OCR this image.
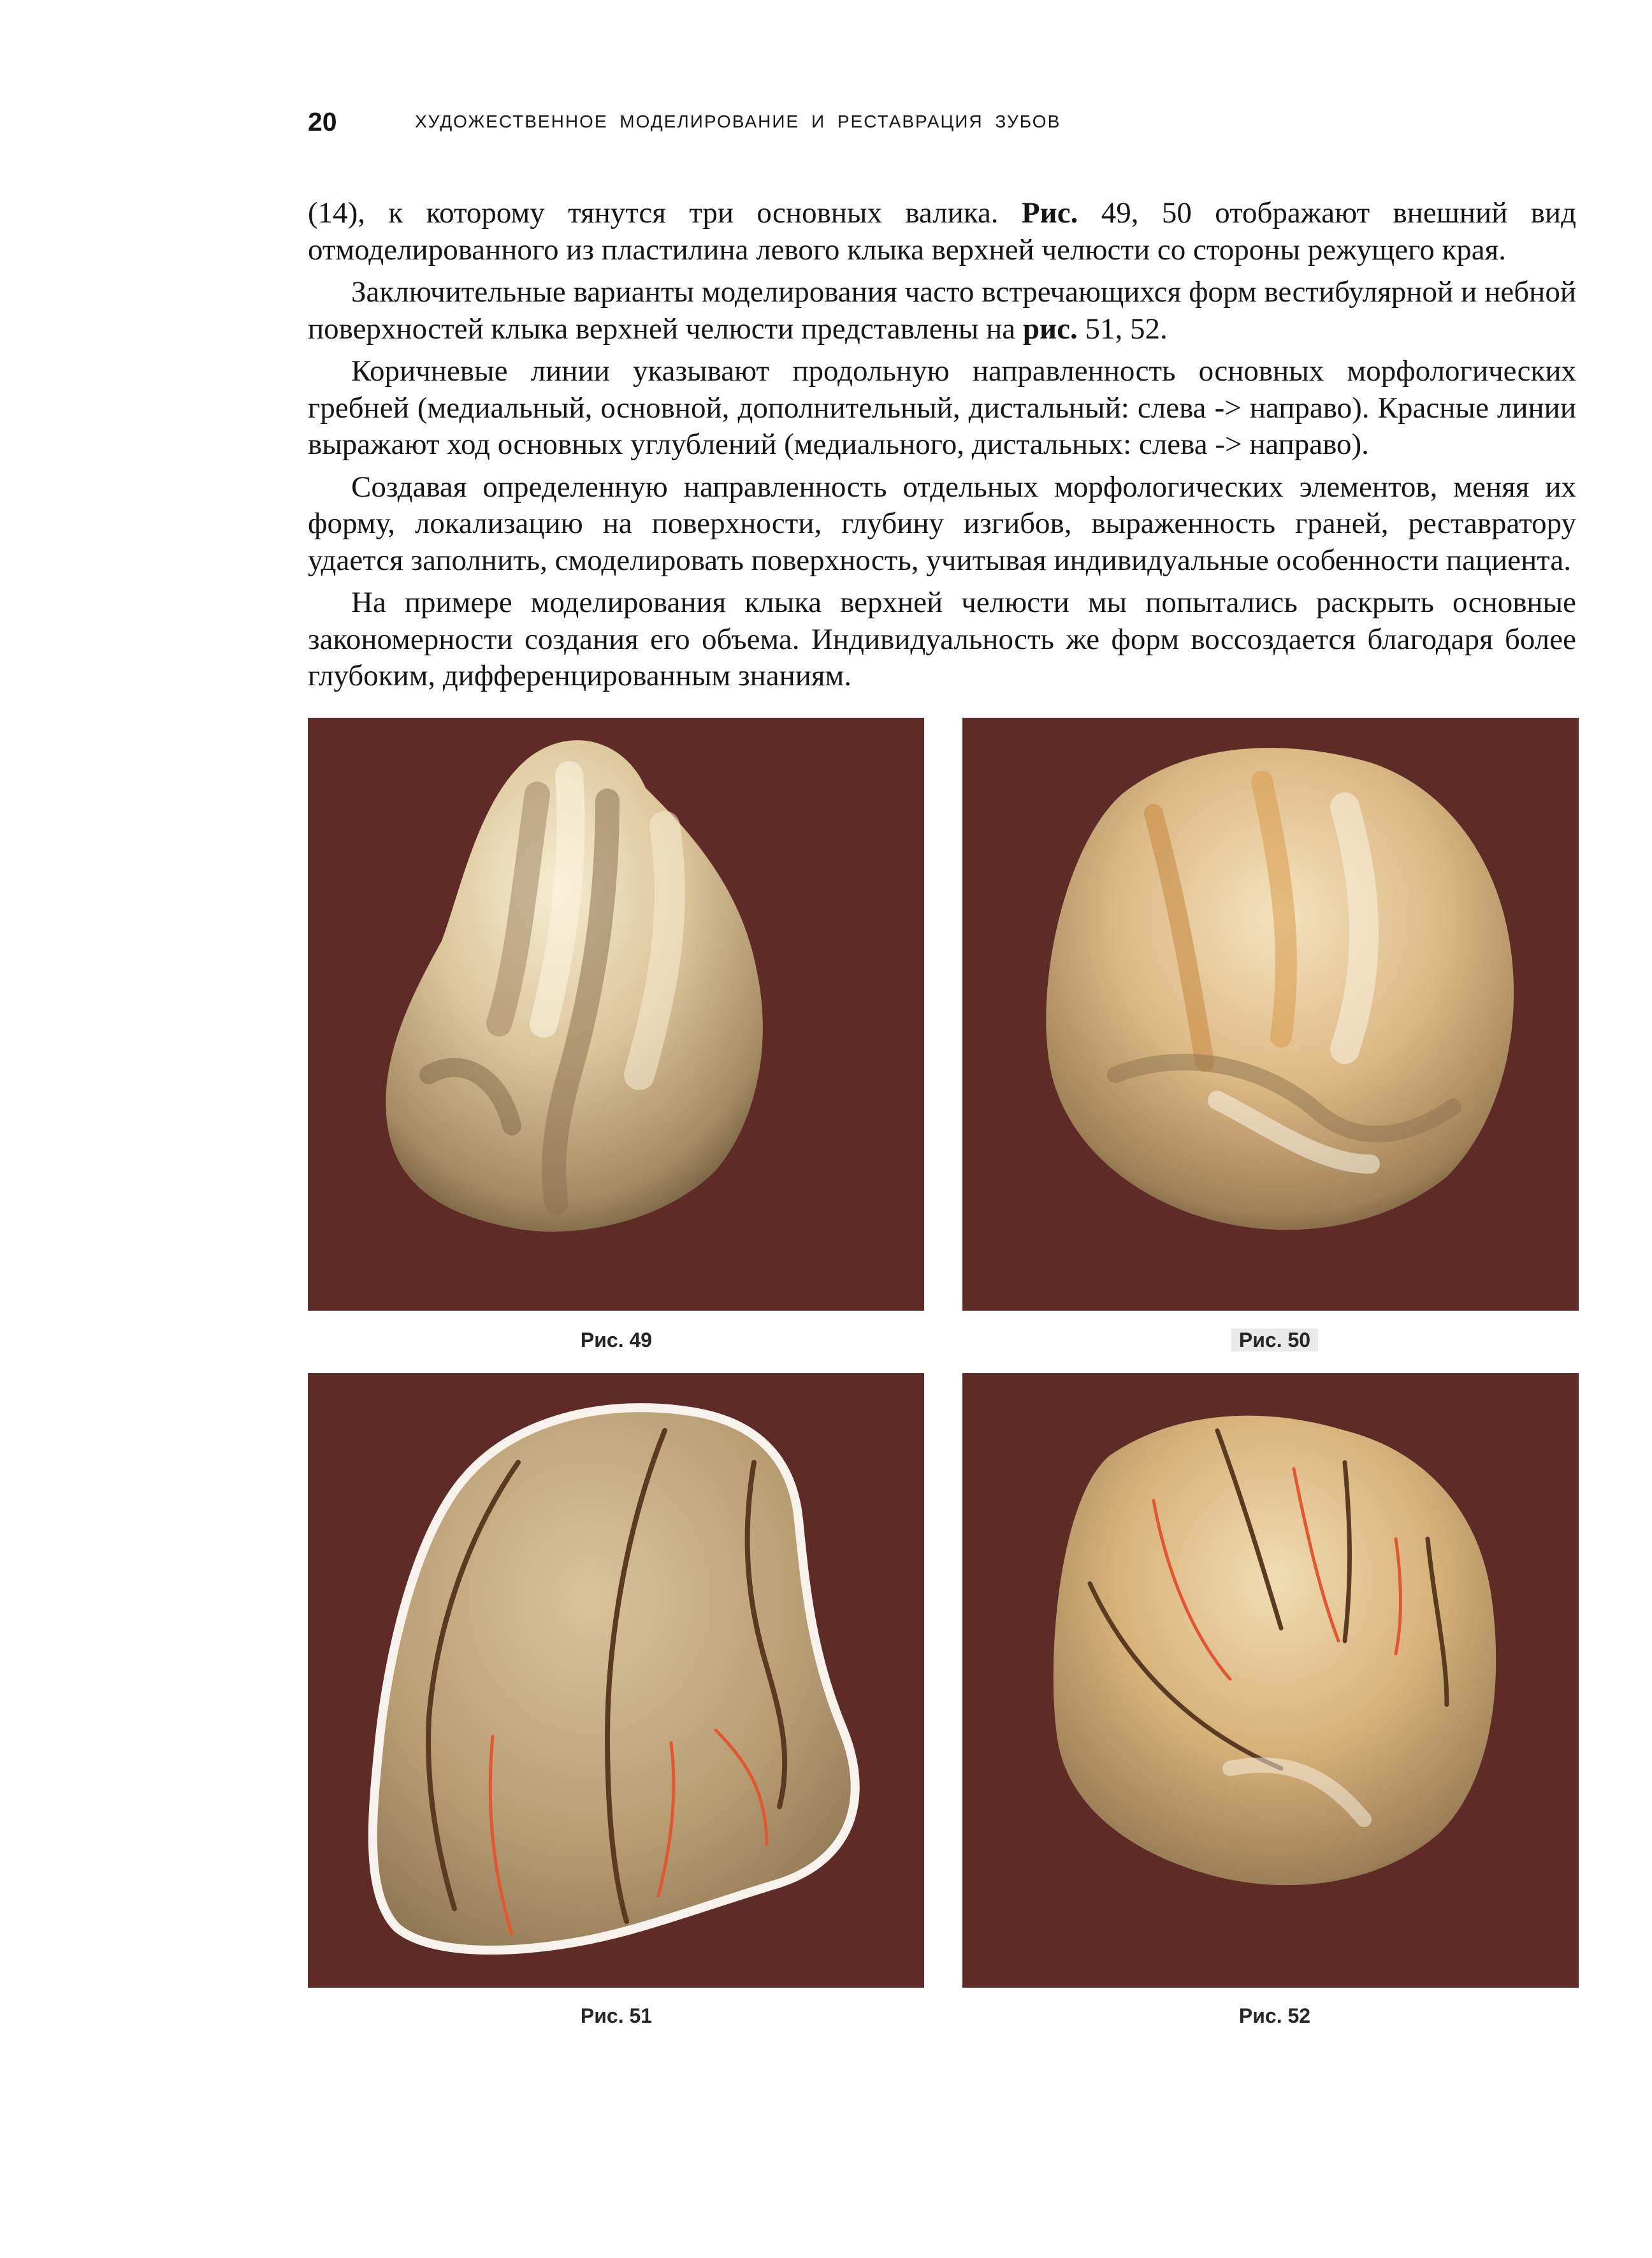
20	ХУДОЖЕСТВЕННОЕ МОДЕЛИРОВАНИЕ И РЕСТАВРАЦИЯ ЗУБОВ

(14), к которому тянутся три основных валика. Рис. 49, 50 отображают внешний вид отмоделированного из пластилина левого клыка верхней челюсти со стороны режущего края.

Заключительные варианты моделирования часто встречающихся форм вестибулярной и небной поверхностей клыка верхней челюсти представлены на рис. 51, 52.

Коричневые линии указывают продольную направленность основных морфологических гребней (медиальный, основной, дополнительный, дистальный: слева -> направо). Красные линии выражают ход основных углублений (медиального, дистальных: слева -> направо).

Создавая определенную направленность отдельных морфологических элементов, меняя их форму, локализацию на поверхности, глубину изгибов, выраженность граней, реставратору удается заполнить, смоделировать поверхность, учитывая индивидуальные особенности пациента.

На примере моделирования клыка верхней челюсти мы попытались раскрыть основные закономерности создания его объема. Индивидуальность же форм воссоздается благодаря более глубоким, дифференцированным знаниям.

Рис. 49	Рис. 50
Рис. 51	Рис. 52
